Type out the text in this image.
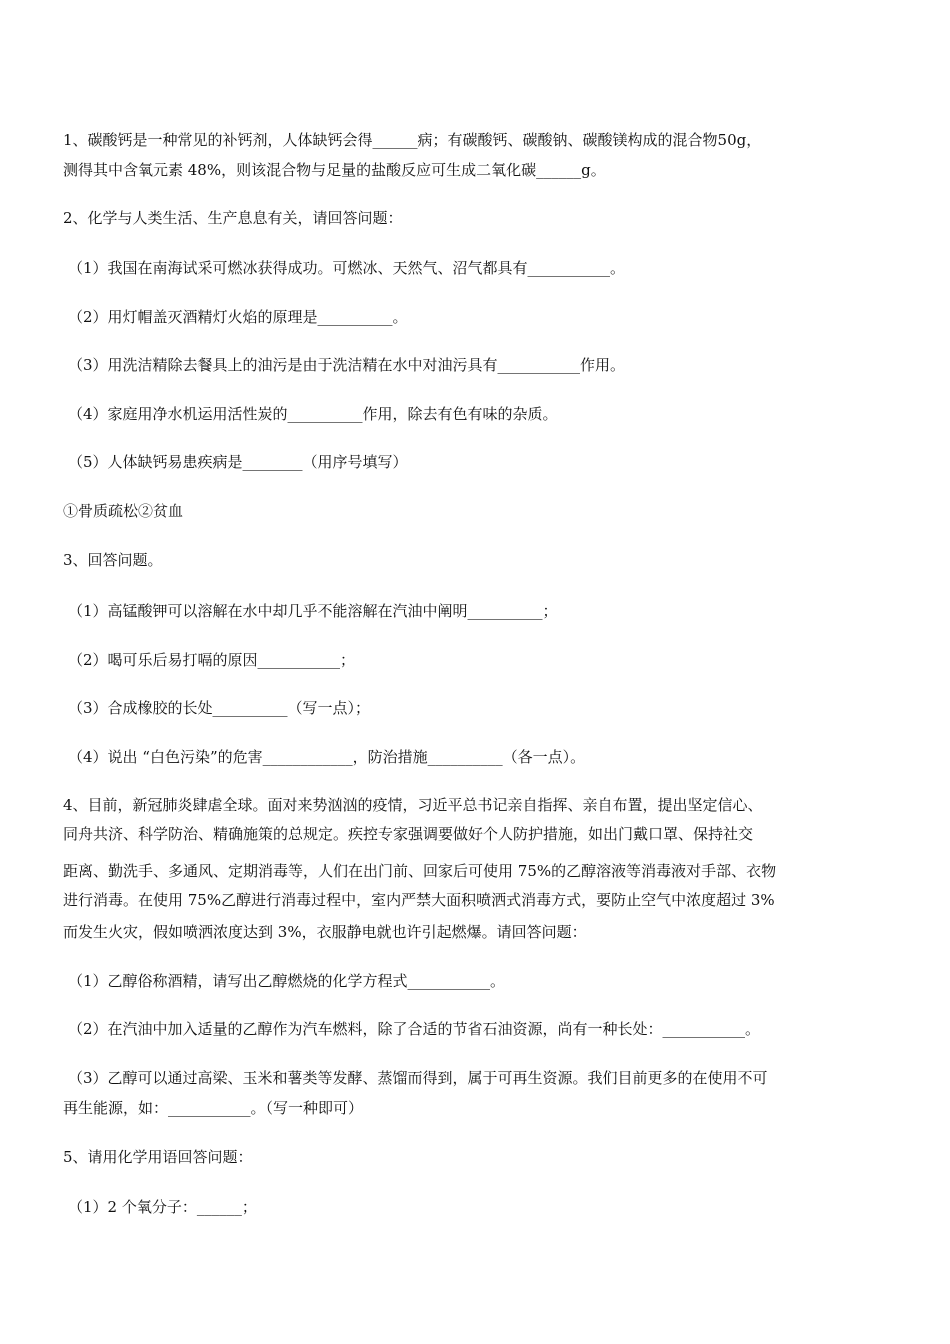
1、碳酸钙是一种常见的补钙剂，人体缺钙会得______病；有碳酸钙、碳酸钠、碳酸镁构成的混合物50g，
测得其中含氧元素 48%，则该混合物与足量的盐酸反应可生成二氧化碳______g。
2、化学与人类生活、生产息息有关，请回答问题：
（1）我国在南海试采可燃冰获得成功。可燃冰、天然气、沼气都具有___________。
（2）用灯帽盖灭酒精灯火焰的原理是__________。
（3）用洗洁精除去餐具上的油污是由于洗洁精在水中对油污具有___________作用。
（4）家庭用净水机运用活性炭的__________作用，除去有色有味的杂质。
（5）人体缺钙易患疾病是________（用序号填写）
①骨质疏松②贫血
3、回答问题。
（1）高锰酸钾可以溶解在水中却几乎不能溶解在汽油中阐明__________；
（2）喝可乐后易打嗝的原因___________；
（3）合成橡胶的长处__________（写一点）；
（4）说出 “白色污染”的危害____________，防治措施__________（各一点）。
4、目前，新冠肺炎肆虐全球。面对来势汹汹的疫情，习近平总书记亲自指挥、亲自布置，提出坚定信心、
同舟共济、科学防治、精确施策的总规定。疾控专家强调要做好个人防护措施，如出门戴口罩、保持社交
距离、勤洗手、多通风、定期消毒等，人们在出门前、回家后可使用 75%的乙醇溶液等消毒液对手部、衣物
进行消毒。在使用 75%乙醇进行消毒过程中，室内严禁大面积喷洒式消毒方式，要防止空气中浓度超过 3%
而发生火灾，假如喷洒浓度达到 3%，衣服静电就也许引起燃爆。请回答问题：
（1）乙醇俗称酒精，请写出乙醇燃烧的化学方程式___________。
（2）在汽油中加入适量的乙醇作为汽车燃料，除了合适的节省石油资源，尚有一种长处：___________。
（3）乙醇可以通过高梁、玉米和薯类等发酵、蒸馏而得到，属于可再生资源。我们目前更多的在使用不可
再生能源，如：___________。（写一种即可）
5、请用化学用语回答问题：
（1）2 个氧分子：______；
